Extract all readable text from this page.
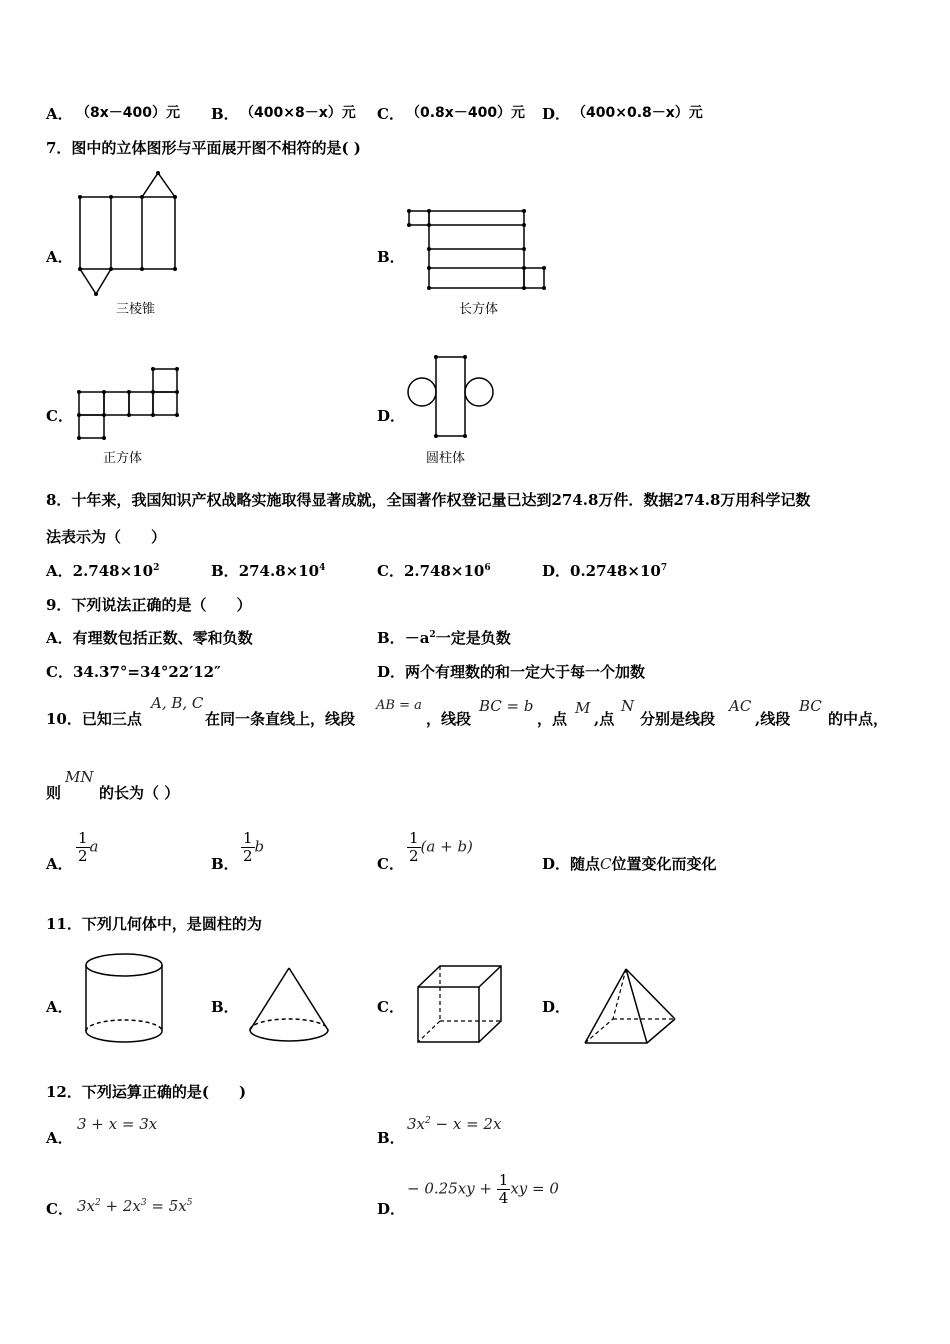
A． （8x－400）元 B． （400×8－x）元 C． （0.8x－400）元 D． （400×0.8－x）元
7．图中的立体图形与平面展开图不相符的是( )
A．
三棱锥
B．
长方体
C．
正方体
D．
圆柱体
8．十年来，我国知识产权战略实施取得显著成就，全国著作权登记量已达到274.8万件．数据274.8万用科学记数
法表示为（　　）
A．$2.748\times 10^2$	B．$274.8\times 10^4$	C．$2.748\times 10^6$	D．$0.2748\times 10^7$
9．下列说法正确的是（　　）
A．有理数包括正数、零和负数	B．$-a^2$一定是负数
C．34.37°=34°22′12″	D．两个有理数的和一定大于每一个加数
10．已知三点
A, B, C
在同一条直线上，线段
AB = a
，线段
BC = b
，点
M
,点
N
分别是线段
AC
,线段
BC
的中点，
则
MN
的长为（ ）
A． $\frac{1}{2}$ a
B． $\frac{1}{2}$ b
C． $\frac{1}{2} (a + b)$
D．随点C位置变化而变化
11．下列几何体中，是圆柱的为
A．	B．	C．	D．
12．下列运算正确的是(　　)
A．
3 + x = 3x
B．
$3x^2 - x = 2x$
C． $3x^2 + 2x^3 = 5x^5$	D．
− $0.25xy + \frac{1}{4}$ xy = 0
